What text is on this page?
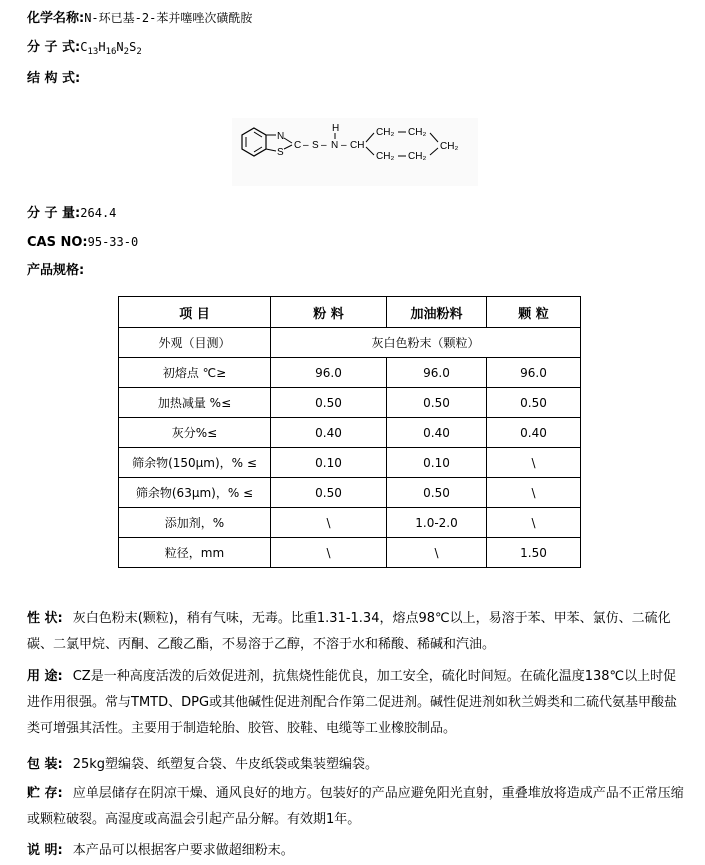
化学名称:N-环已基-2-苯并噻唑次磺酰胺
分 子 式$:C_{13}H_{16}N_2S_2$
结 构 式:
N
S
C – S –
H
N – CH
CH₂ CH₂
CH₂ CH₂
CH₂
分 子 量:264.4
CAS NO:95-33-0
产品规格:
项 目	粉 料	加油粉料	颗 粒
外观（目测）	灰白色粉末（颗粒）		
初熔点 ℃≥	96.0	96.0	96.0
加热减量 %≤	0.50	0.50	0.50
灰分%≤	0.40	0.40	0.40
筛余物(150μm)，% ≤	0.10	0.10	\
筛余物(63μm)，% ≤	0.50	0.50	\
添加剂，%	\	1.0-2.0	\
粒径，mm	\	\	1.50
性 状: 灰白色粉末(颗粒)，稍有气味，无毒。比重1.31-1.34，熔点98℃以上，易溶于苯、甲苯、氯仿、二硫化碳、二氯甲烷、丙酮、乙酸乙酯，不易溶于乙醇，不溶于水和稀酸、稀碱和汽油。
用 途: CZ是一种高度活泼的后效促进剂，抗焦烧性能优良，加工安全，硫化时间短。在硫化温度138℃以上时促进作用很强。常与TMTD、DPG或其他碱性促进剂配合作第二促进剂。碱性促进剂如秋兰姆类和二硫代氨基甲酸盐类可增强其活性。主要用于制造轮胎、胶管、胶鞋、电缆等工业橡胶制品。
包 装: 25kg塑编袋、纸塑复合袋、牛皮纸袋或集装塑编袋。
贮 存: 应单层储存在阴凉干燥、通风良好的地方。包装好的产品应避免阳光直射，重叠堆放将造成产品不正常压缩或颗粒破裂。高湿度或高温会引起产品分解。有效期1年。
说 明: 本产品可以根据客户要求做超细粉末。
